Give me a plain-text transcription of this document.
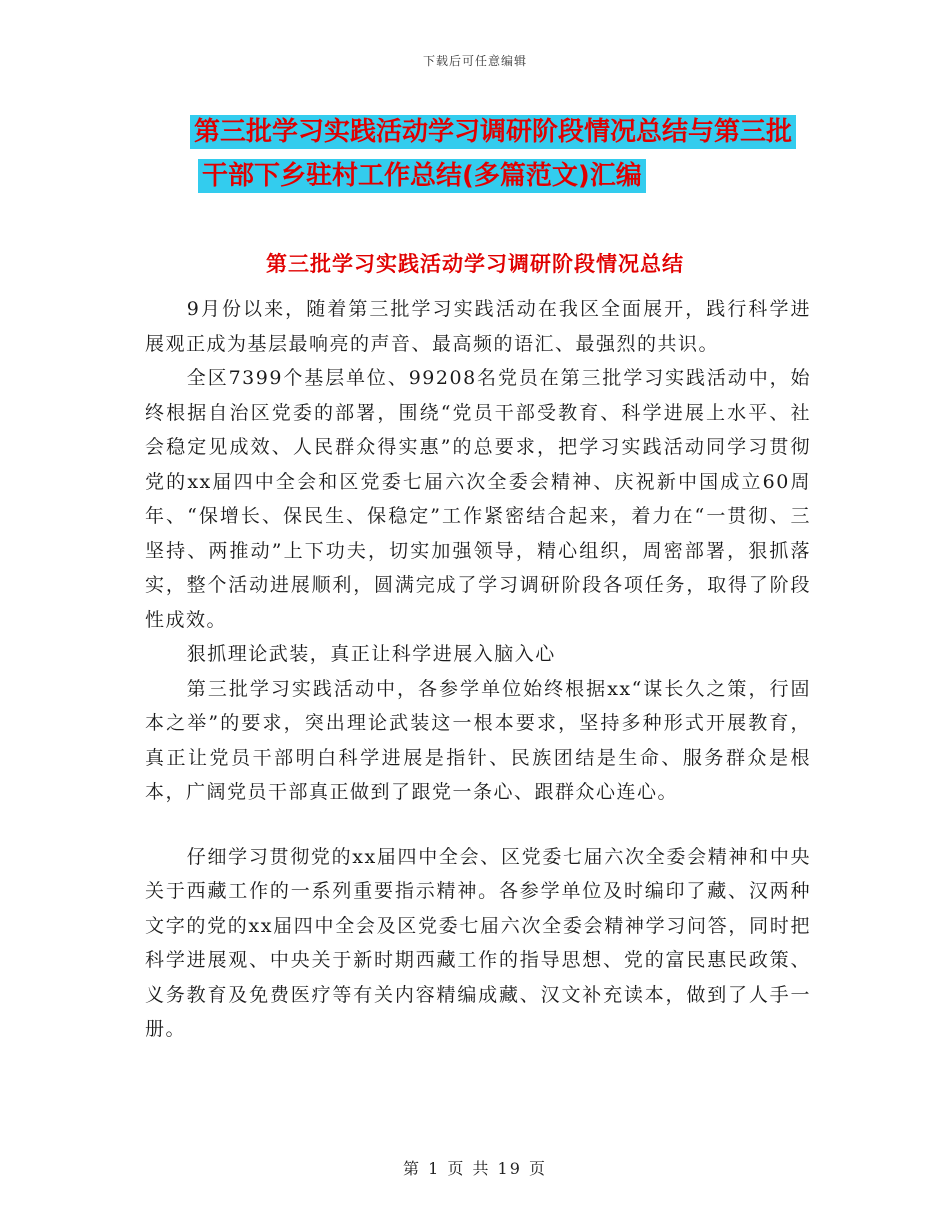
下载后可任意编辑
第三批学习实践活动学习调研阶段情况总结与第三批
干部下乡驻村工作总结(多篇范文)汇编
第三批学习实践活动学习调研阶段情况总结

9月份以来，随着第三批学习实践活动在我区全面展开，践行科学进展观正成为基层最响亮的声音、最高频的语汇、最强烈的共识。

全区7399个基层单位、99208名党员在第三批学习实践活动中，始终根据自治区党委的部署，围绕“党员干部受教育、科学进展上水平、社会稳定见成效、人民群众得实惠”的总要求，把学习实践活动同学习贯彻党的xx届四中全会和区党委七届六次全委会精神、庆祝新中国成立60周年、“保增长、保民生、保稳定”工作紧密结合起来，着力在“一贯彻、三坚持、两推动”上下功夫，切实加强领导，精心组织，周密部署，狠抓落实，整个活动进展顺利，圆满完成了学习调研阶段各项任务，取得了阶段性成效。

狠抓理论武装，真正让科学进展入脑入心

第三批学习实践活动中，各参学单位始终根据xx“谋长久之策，行固本之举”的要求，突出理论武装这一根本要求，坚持多种形式开展教育，真正让党员干部明白科学进展是指针、民族团结是生命、服务群众是根本，广阔党员干部真正做到了跟党一条心、跟群众心连心。

仔细学习贯彻党的xx届四中全会、区党委七届六次全委会精神和中央关于西藏工作的一系列重要指示精神。各参学单位及时编印了藏、汉两种文字的党的xx届四中全会及区党委七届六次全委会精神学习问答，同时把科学进展观、中央关于新时期西藏工作的指导思想、党的富民惠民政策、义务教育及免费医疗等有关内容精编成藏、汉文补充读本，做到了人手一册。

第 1 页 共 19 页
